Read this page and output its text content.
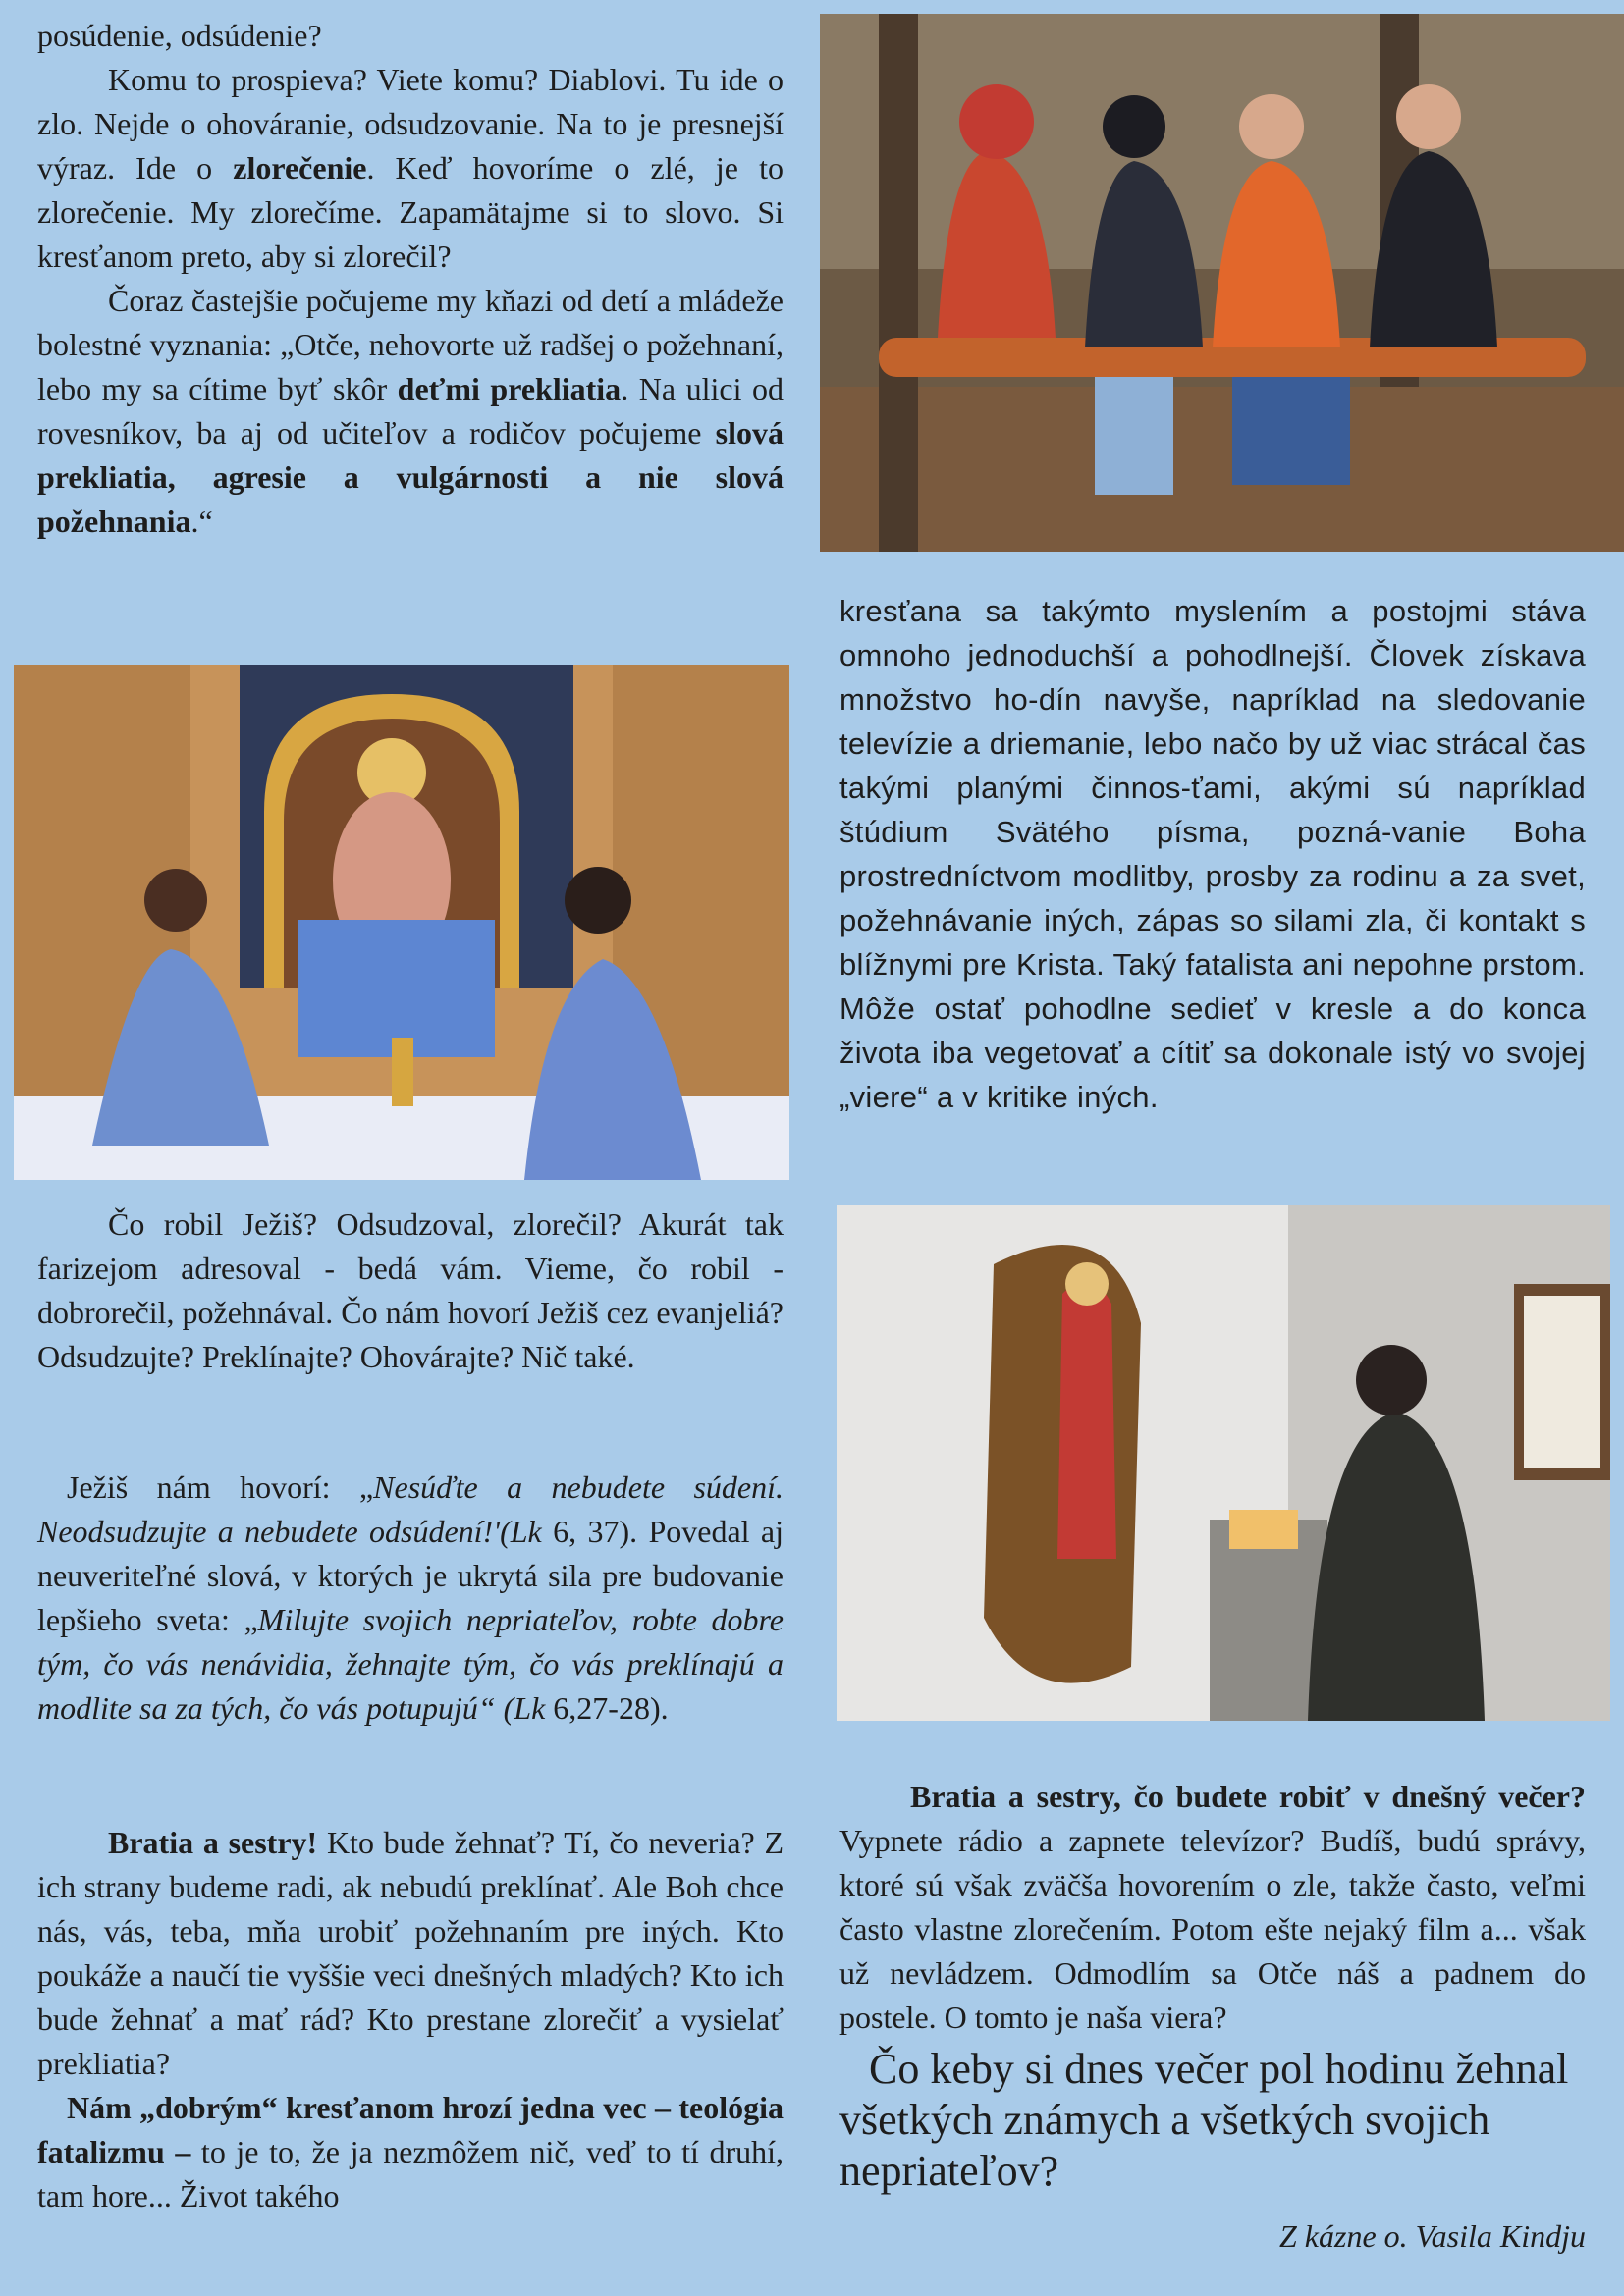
posúdenie, odsúdenie?

Komu to prospieva? Viete komu? Diablovi. Tu ide o zlo. Nejde o ohováranie, odsudzovanie. Na to je presnejší výraz. Ide o zlorečenie. Keď hovoríme o zlé, je to zlorečenie. My zlorečíme. Zapamätajme si to slovo. Si kresťanom preto, aby si zlorečil?

Čoraz častejšie počujeme my kňazi od detí a mládeže bolestné vyznania: „Otče, nehovorte už radšej o požehnaní, lebo my sa cítime byť skôr deťmi prekliatia. Na ulici od rovesníkov, ba aj od učiteľov a rodičov počujeme slová prekliatia, agresie a vulgárnosti a nie slová požehnania.“

Čo robil Ježiš? Odsudzoval, zlorečil? Akurát tak farizejom adresoval - bedá vám. Vieme, čo robil - dobrorečil, požehnával. Čo nám hovorí Ježiš cez evanjeliá? Odsudzujte? Preklínajte? Ohovárajte? Nič také.

Ježiš nám hovorí: „Nesúďte a nebudete súdení. Neodsudzujte a nebudete odsúdení!'(Lk 6, 37). Povedal aj neuveriteľné slová, v ktorých je ukrytá sila pre budovanie lepšieho sveta: „Milujte svojich nepriateľov, robte dobre tým, čo vás nenávidia, žehnajte tým, čo vás preklínajú a modlite sa za tých, čo vás potupujú“ (Lk 6,27-28).

Bratia a sestry! Kto bude žehnať? Tí, čo neveria? Z ich strany budeme radi, ak nebudú preklínať. Ale Boh chce nás, vás, teba, mňa urobiť požehnaním pre iných. Kto poukáže a naučí tie vyššie veci dnešných mladých? Kto ich bude žehnať a mať rád? Kto prestane zlorečiť a vysielať prekliatia?

Nám „dobrým“ kresťanom hrozí jedna vec – teológia fatalizmu – to je to, že ja nezmôžem nič, veď to tí druhí, tam hore... Život takého

kresťana sa takýmto myslením a postojmi stáva omnoho jednoduchší a pohodlnejší. Človek získava množstvo ho-dín navyše, napríklad na sledovanie televízie a driemanie, lebo načo by už viac strácal čas takými planými činnos-ťami, akými sú napríklad štúdium Svätého písma, pozná-vanie Boha prostredníctvom modlitby, prosby za rodinu a za svet, požehnávanie iných, zápas so silami zla, či kontakt s blížnymi pre Krista. Taký fatalista ani nepohne prstom. Môže ostať pohodlne sedieť v kresle a do konca života iba vegetovať a cítiť sa dokonale istý vo svojej „viere“ a v kritike iných.

Bratia a sestry, čo budete robiť v dnešný večer? Vypnete rádio a zapnete televízor? Budíš, budú správy, ktoré sú však zväčša hovorením o zle, takže často, veľmi často vlastne zlorečením. Potom ešte nejaký film a... však už nevládzem. Odmodlím sa Otče náš a padnem do postele. O tomto je naša viera?

Čo keby si dnes večer pol hodinu žehnal všetkých známych a všetkých svojich nepriateľov?

Z kázne o. Vasila Kindju
